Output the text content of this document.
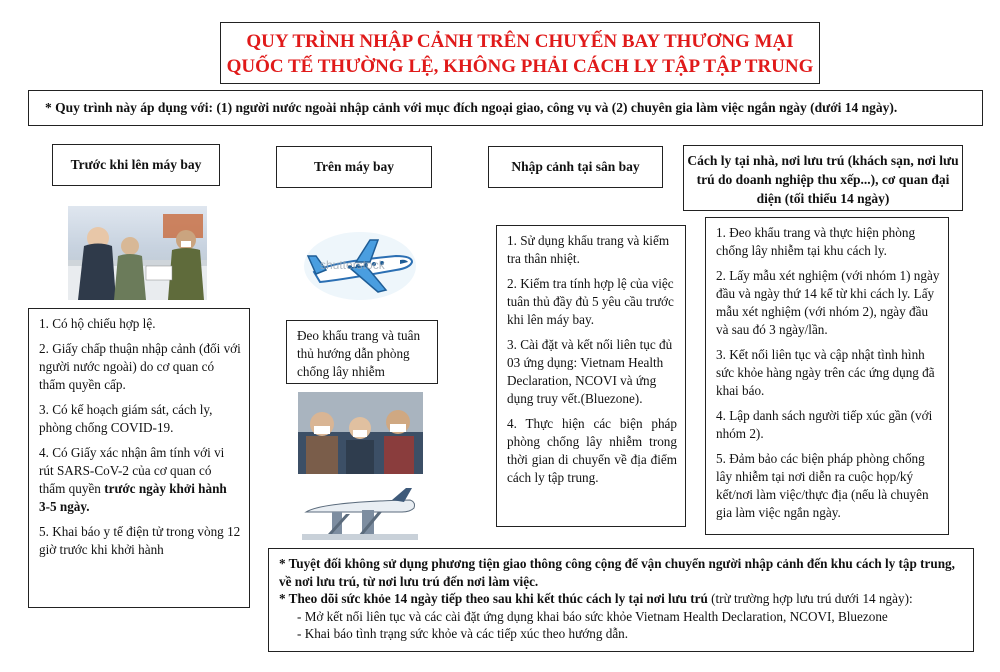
QUY TRÌNH NHẬP CẢNH TRÊN CHUYẾN BAY THƯƠNG MẠI
QUỐC TẾ THƯỜNG LỆ, KHÔNG PHẢI CÁCH LY TẬP TẬP TRUNG
* Quy trình này áp dụng với: (1) người nước ngoài nhập cảnh với mục đích ngoại giao, công vụ và (2) chuyên gia làm việc ngắn ngày (dưới 14 ngày).
Trước khi lên máy bay	Trên máy bay	Nhập cảnh tại sân bay	Cách ly tại nhà, nơi lưu trú (khách sạn, nơi lưu trú do doanh nghiệp thu xếp...), cơ quan đại diện (tối thiểu 14 ngày)

1. Có hộ chiếu hợp lệ.

2. Giấy chấp thuận nhập cảnh (đối với người nước ngoài) do cơ quan có thẩm quyền cấp.

3. Có kế hoạch giám sát, cách ly, phòng chống COVID-19.

4. Có Giấy xác nhận âm tính với vi rút SARS-CoV-2 của cơ quan có thẩm quyền trước ngày khởi hành 3-5 ngày.

5. Khai báo y tế điện tử trong vòng 12 giờ trước khi khởi hành

shutterstock
Đeo khẩu trang và tuân thủ hướng dẫn phòng chống lây nhiễm

1. Sử dụng khẩu trang và kiểm tra thân nhiệt.

2. Kiểm tra tính hợp lệ của việc tuân thủ đầy đủ 5 yêu cầu trước khi lên máy bay.

3. Cài đặt và kết nối liên tục đủ 03 ứng dụng: Vietnam Health Declaration, NCOVI và ứng dụng truy vết.(Bluezone).

4. Thực hiện các biện pháp phòng chống lây nhiễm trong thời gian di chuyển về địa điểm cách ly tập trung.

1. Đeo khẩu trang và thực hiện phòng chống lây nhiễm tại khu cách ly.

2. Lấy mẫu xét nghiệm (với nhóm 1) ngày đầu và ngày thứ 14 kể từ khi cách ly. Lấy mẫu xét nghiệm (với nhóm 2), ngày đầu và sau đó 3 ngày/lần.

3. Kết nối liên tục và cập nhật tình hình sức khỏe hàng ngày trên các ứng dụng đã khai báo.

4. Lập danh sách người tiếp xúc gần (với nhóm 2).

5. Đảm bảo các biện pháp phòng chống lây nhiễm tại nơi diễn ra cuộc họp/ký kết/nơi làm việc/thực địa (nếu là chuyên gia làm việc ngắn ngày.

* Tuyệt đối không sử dụng phương tiện giao thông công cộng để vận chuyển người nhập cảnh đến khu cách ly tập trung, về nơi lưu trú, từ nơi lưu trú đến nơi làm việc.

* Theo dõi sức khỏe 14 ngày tiếp theo sau khi kết thúc cách ly tại nơi lưu trú (trừ trường hợp lưu trú dưới 14 ngày):

- Mở kết nối liên tục và các cài đặt ứng dụng khai báo sức khỏe Vietnam Health Declaration, NCOVI, Bluezone

- Khai báo tình trạng sức khỏe và các tiếp xúc theo hướng dẫn.
